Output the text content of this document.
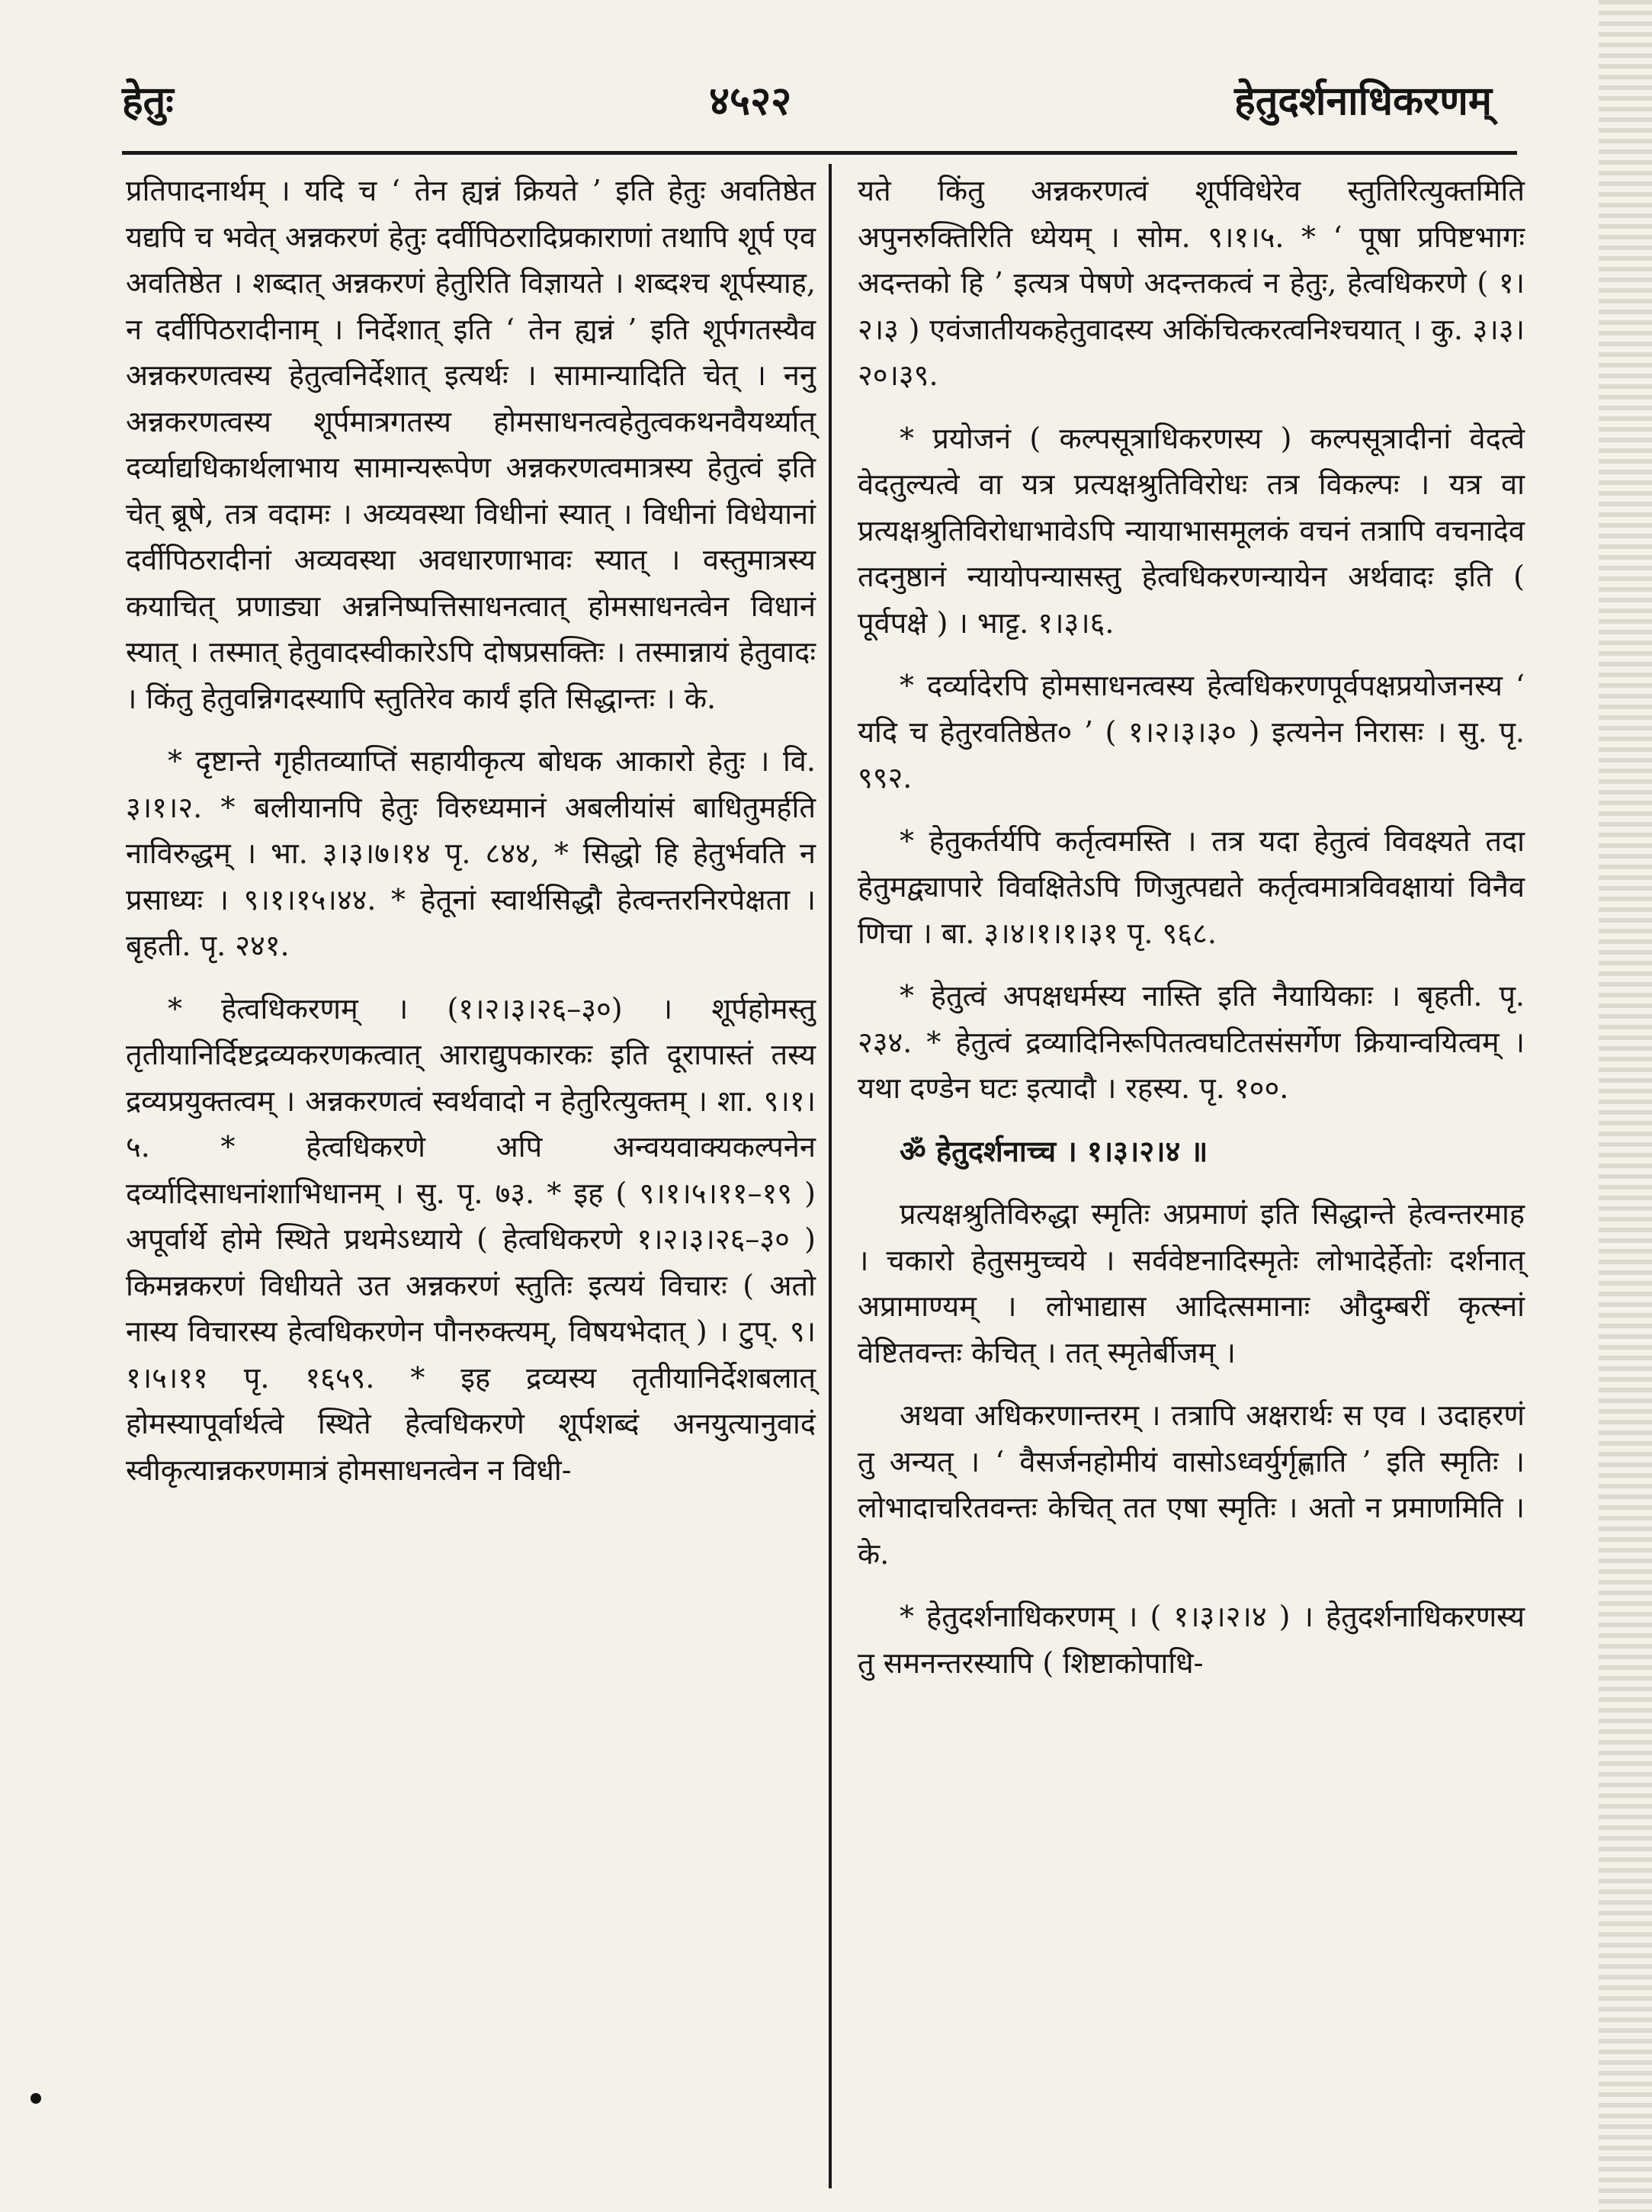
हेतुः	४५२२	हेतुदर्शनाधिकरणम्

प्रतिपादनार्थम् । यदि च ‘ तेन ह्यन्नं क्रियते ’ इति हेतुः अवतिष्ठेत यद्यपि च भवेत् अन्नकरणं हेतुः दर्वीपिठरादिप्रकाराणां तथापि शूर्प एव अवतिष्ठेत । शब्दात् अन्नकरणं हेतुरिति विज्ञायते । शब्दश्च शूर्पस्याह, न दर्वीपिठरादीनाम् । निर्देशात् इति ‘ तेन ह्यन्नं ’ इति शूर्पगतस्यैव अन्नकरणत्वस्य हेतुत्वनिर्देशात् इत्यर्थः । सामान्यादिति चेत् । ननु अन्नकरणत्वस्य शूर्पमात्रगतस्य होमसाधनत्वहेतुत्वकथनवैयर्थ्यात् दर्व्याद्यधिकार्थलाभाय सामान्यरूपेण अन्नकरणत्वमात्रस्य हेतुत्वं इति चेत् ब्रूषे, तत्र वदामः । अव्यवस्था विधीनां स्यात् । विधीनां विधेयानां दर्वीपिठरादीनां अव्यवस्था अवधारणाभावः स्यात् । वस्तुमात्रस्य कयाचित् प्रणाड्या अन्ननिष्पत्तिसाधनत्वात् होमसाधनत्वेन विधानं स्यात् । तस्मात् हेतुवादस्वीकारेऽपि दोषप्रसक्तिः । तस्मान्नायं हेतुवादः । किंतु हेतुवन्निगदस्यापि स्तुतिरेव कार्यं इति सिद्धान्तः । के.

* दृष्टान्ते गृहीतव्याप्तिं सहायीकृत्य बोधक आकारो हेतुः । वि. ३।१।२. * बलीयानपि हेतुः विरुध्यमानं अबलीयांसं बाधितुमर्हति नाविरुद्धम् । भा. ३।३।७।१४ पृ. ८४४, * सिद्धो हि हेतुर्भवति न प्रसाध्यः । ९।१।१५।४४. * हेतूनां स्वार्थसिद्धौ हेत्वन्तरनिरपेक्षता । बृहती. पृ. २४१.

* हेत्वधिकरणम् । (१।२।३।२६–३०) । शूर्पहोमस्तु तृतीयानिर्दिष्टद्रव्यकरणकत्वात् आराद्युपकारकः इति दूरापास्तं तस्य द्रव्यप्रयुक्तत्वम् । अन्नकरणत्वं स्वर्थवादो न हेतुरित्युक्तम् । शा. ९।१।५. * हेत्वधिकरणे अपि अन्वयवाक्यकल्पनेन दर्व्यादिसाधनांशाभिधानम् । सु. पृ. ७३. * इह ( ९।१।५।११–१९ ) अपूर्वार्थे होमे स्थिते प्रथमेऽध्याये ( हेत्वधिकरणे १।२।३।२६–३० ) किमन्नकरणं विधीयते उत अन्नकरणं स्तुतिः इत्ययं विचारः ( अतो नास्य विचारस्य हेत्वधिकरणेन पौनरुक्त्यम्, विषयभेदात् ) । टुप्. ९।१।५।११ पृ. १६५९. * इह द्रव्यस्य तृतीयानिर्देशबलात् होमस्यापूर्वार्थत्वे स्थिते हेत्वधिकरणे शूर्पशब्दं अनयुत्यानुवादं स्वीकृत्यान्नकरणमात्रं होमसाधनत्वेन न विधी-

यते किंतु अन्नकरणत्वं शूर्पविधेरेव स्तुतिरित्युक्तमिति अपुनरुक्तिरिति ध्येयम् । सोम. ९।१।५. * ‘ पूषा प्रपिष्टभागः अदन्तको हि ’ इत्यत्र पेषणे अदन्तकत्वं न हेतुः, हेत्वधिकरणे ( १।२।३ ) एवंजातीयकहेतुवादस्य अकिंचित्करत्वनिश्चयात् । कु. ३।३।२०।३९.

* प्रयोजनं ( कल्पसूत्राधिकरणस्य ) कल्पसूत्रादीनां वेदत्वे वेदतुल्यत्वे वा यत्र प्रत्यक्षश्रुतिविरोधः तत्र विकल्पः । यत्र वा प्रत्यक्षश्रुतिविरोधाभावेऽपि न्यायाभासमूलकं वचनं तत्रापि वचनादेव तदनुष्ठानं न्यायोपन्यासस्तु हेत्वधिकरणन्यायेन अर्थवादः इति ( पूर्वपक्षे ) । भाट्ट. १।३।६.

* दर्व्यादेरपि होमसाधनत्वस्य हेत्वधिकरणपूर्वपक्षप्रयोजनस्य ‘ यदि च हेतुरवतिष्ठेत० ’ ( १।२।३।३० ) इत्यनेन निरासः । सु. पृ. ९९२.

* हेतुकर्तर्यपि कर्तृत्वमस्ति । तत्र यदा हेतुत्वं विवक्ष्यते तदा हेतुमद्व्यापारे विवक्षितेऽपि णिजुत्पद्यते कर्तृत्वमात्रविवक्षायां विनैव णिचा । बा. ३।४।१।१।३१ पृ. ९६८.

* हेतुत्वं अपक्षधर्मस्य नास्ति इति नैयायिकाः । बृहती. पृ. २३४. * हेतुत्वं द्रव्यादिनिरूपितत्वघटितसंसर्गेण क्रियान्वयित्वम् । यथा दण्डेन घटः इत्यादौ । रहस्य. पृ. १००.

ॐ हेतुदर्शनाच्च । १।३।२।४ ॥

प्रत्यक्षश्रुतिविरुद्धा स्मृतिः अप्रमाणं इति सिद्धान्ते हेत्वन्तरमाह । चकारो हेतुसमुच्चये । सर्ववेष्टनादिस्मृतेः लोभादेर्हेतोः दर्शनात् अप्रामाण्यम् । लोभाद्यास आदित्समानाः औदुम्बरीं कृत्स्नां वेष्टितवन्तः केचित् । तत् स्मृतेर्बीजम् ।

अथवा अधिकरणान्तरम् । तत्रापि अक्षरार्थः स एव । उदाहरणं तु अन्यत् । ‘ वैसर्जनहोमीयं वासोऽध्वर्युर्गृह्णाति ’ इति स्मृतिः । लोभादाचरितवन्तः केचित् तत एषा स्मृतिः । अतो न प्रमाणमिति । के.

* हेतुदर्शनाधिकरणम् । ( १।३।२।४ ) । हेतुदर्शनाधिकरणस्य तु समनन्तरस्यापि ( शिष्टाकोपाधि-
